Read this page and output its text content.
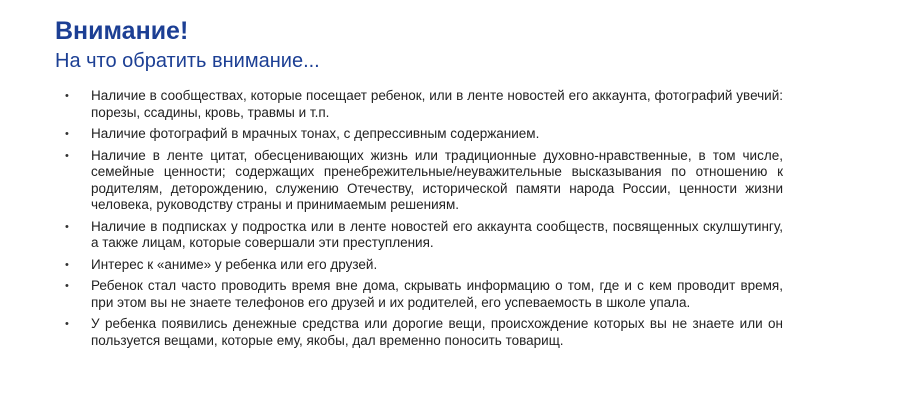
Внимание!
На что обратить внимание...
• Наличие в сообществах, которые посещает ребенок, или в ленте новостей его аккаунта, фотографий увечий: порезы, ссадины, кровь, травмы и т.п.
• Наличие фотографий в мрачных тонах, с депрессивным содержанием.
• Наличие в ленте цитат, обесценивающих жизнь или традиционные духовно-нравственные, в том числе, семейные ценности; содержащих пренебрежительные/неуважительные высказывания по отношению к родителям, деторождению, служению Отечеству, исторической памяти народа России, ценности жизни человека, руководству страны и принимаемым решениям.
• Наличие в подписках у подростка или в ленте новостей его аккаунта сообществ, посвященных скулшутингу, а также лицам, которые совершали эти преступления.
• Интерес к «аниме» у ребенка или его друзей.
• Ребенок стал часто проводить время вне дома, скрывать информацию о том, где и с кем проводит время, при этом вы не знаете телефонов его друзей и их родителей, его успеваемость в школе упала.
• У ребенка появились денежные средства или дорогие вещи, происхождение которых вы не знаете или он пользуется вещами, которые ему, якобы, дал временно поносить товарищ.
